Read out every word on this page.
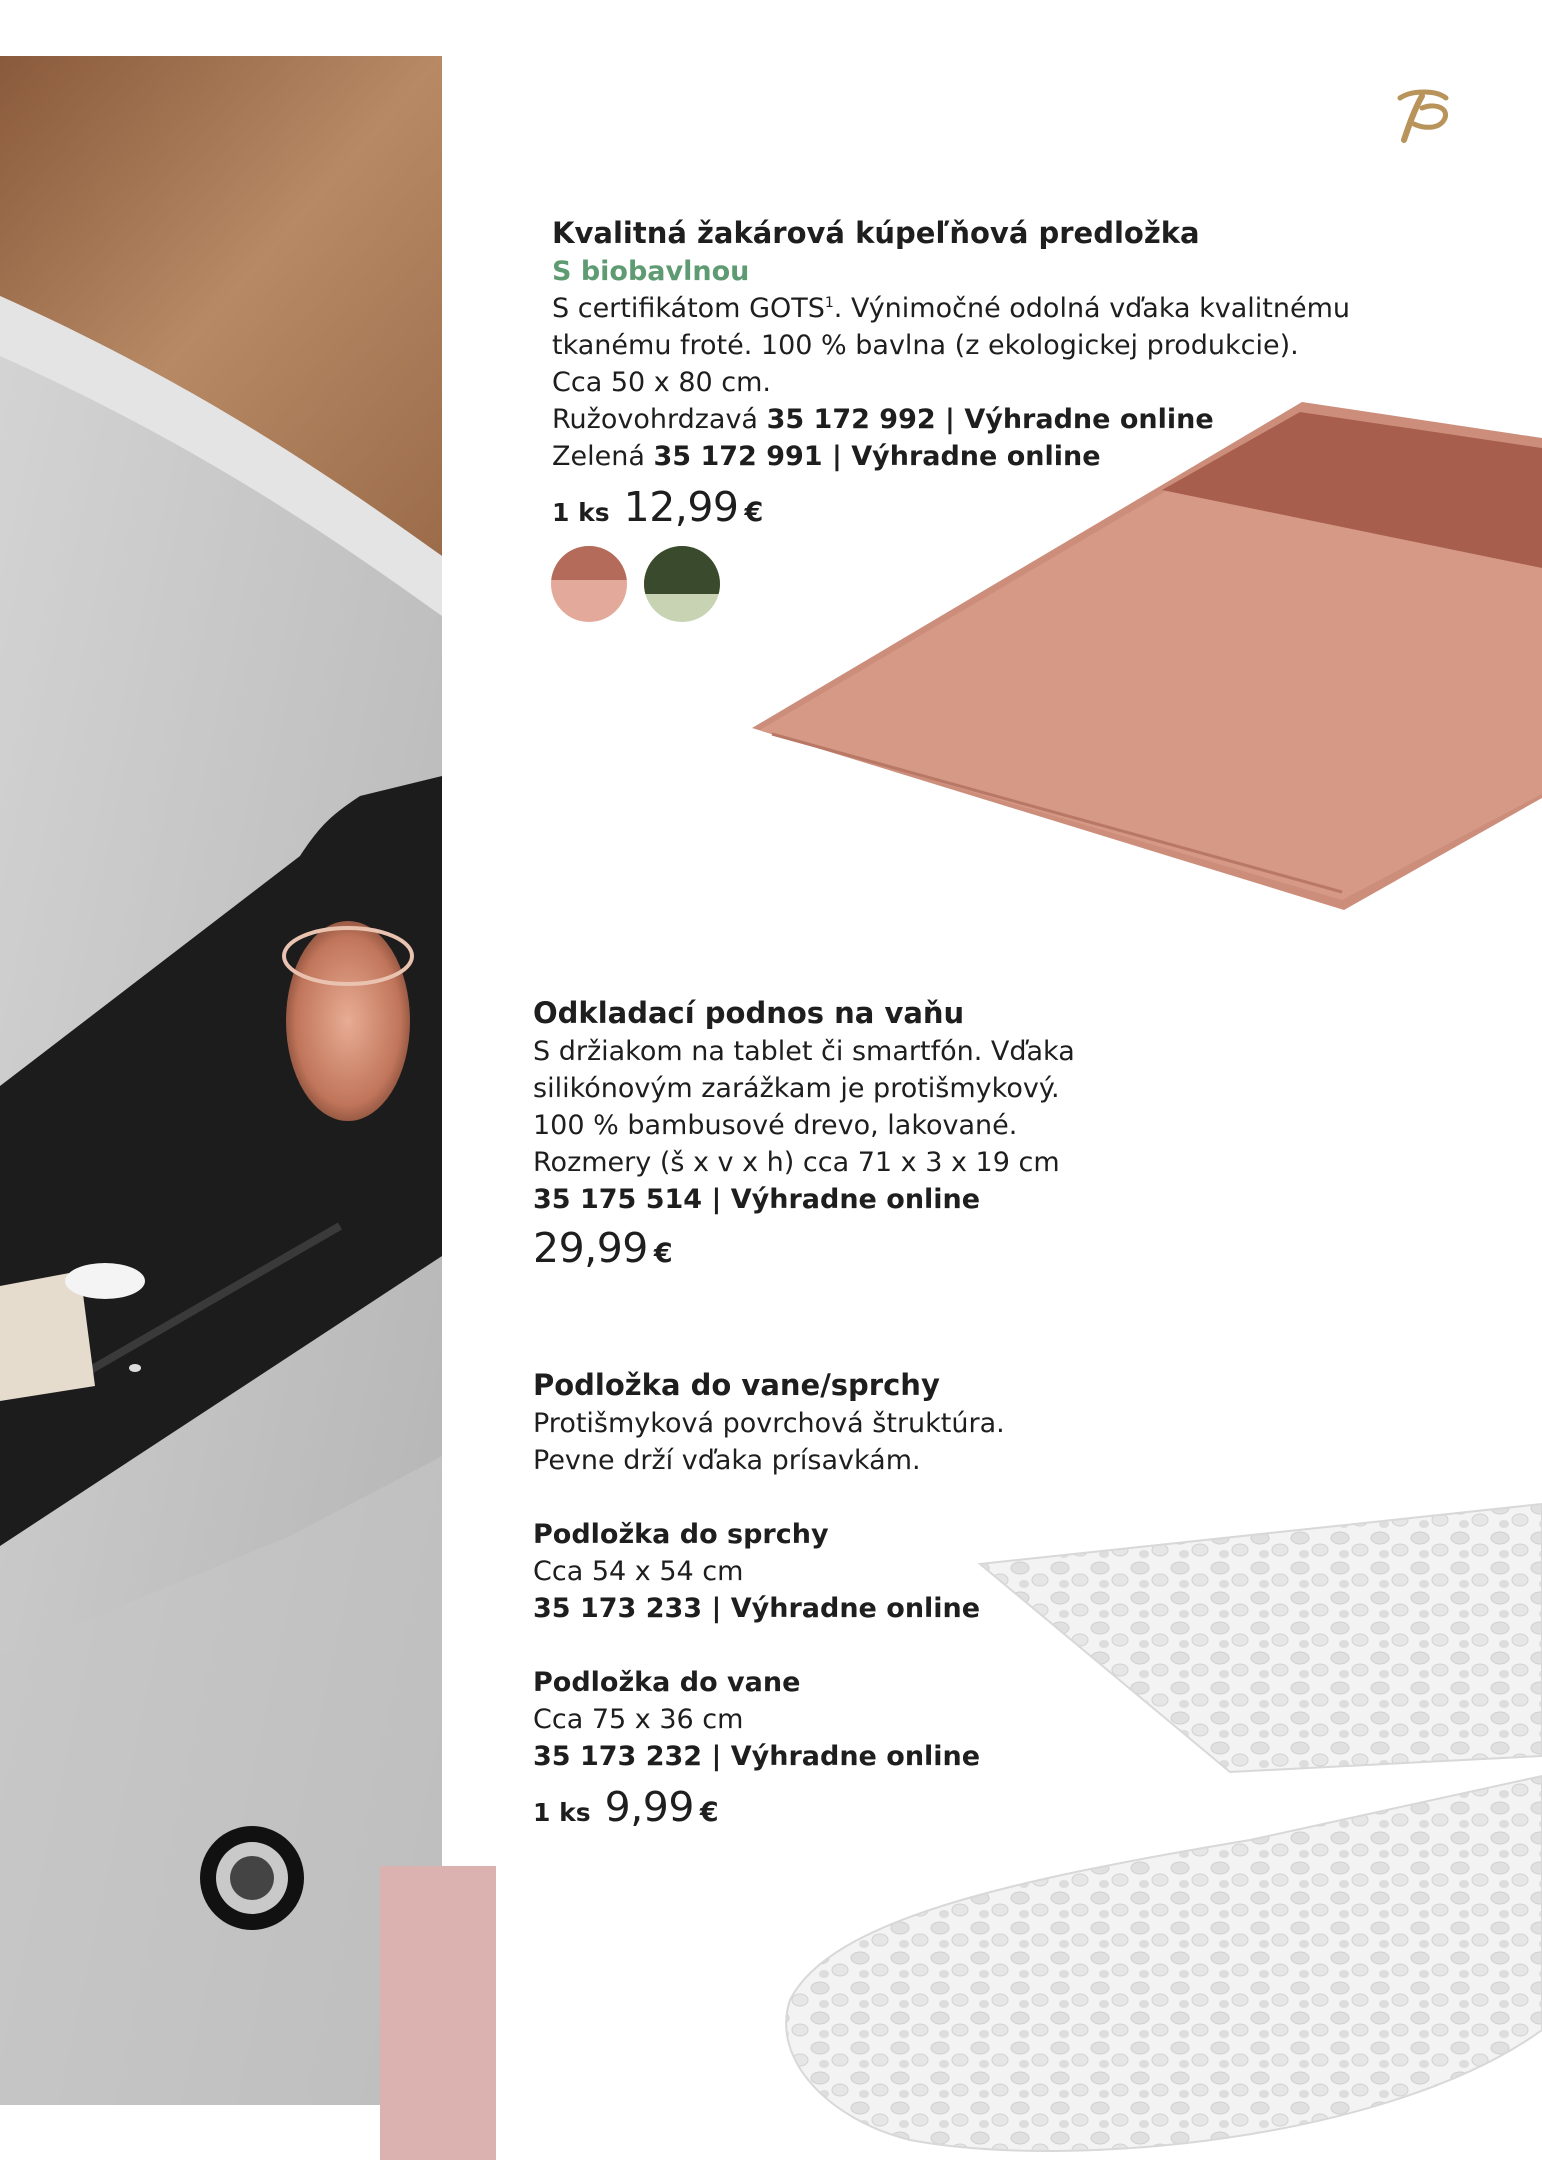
Kvalitná žakárová kúpeľňová predložka
S biobavlnou
S certifikátom GOTS$^1$. Výnimočné odolná vďaka kvalitnému
tkanému froté. 100 % bavlna (z ekologickej produkcie).
Cca 50 x 80 cm.
Ružovohrdzavá 35 172 992 | Výhradne online
Zelená 35 172 991 | Výhradne online
1 ks 12,99 €
Odkladací podnos na vaňu
S držiakom na tablet či smartfón. Vďaka
silikónovým zarážkam je protišmykový.
100 % bambusové drevo, lakované.
Rozmery (š x v x h) cca 71 x 3 x 19 cm
35 175 514 | Výhradne online
29,99 €
Podložka do vane/sprchy
Protišmyková povrchová štruktúra.
Pevne drží vďaka prísavkám.
Podložka do sprchy
Cca 54 x 54 cm
35 173 233 | Výhradne online
Podložka do vane
Cca 75 x 36 cm
35 173 232 | Výhradne online
1 ks 9,99 €
